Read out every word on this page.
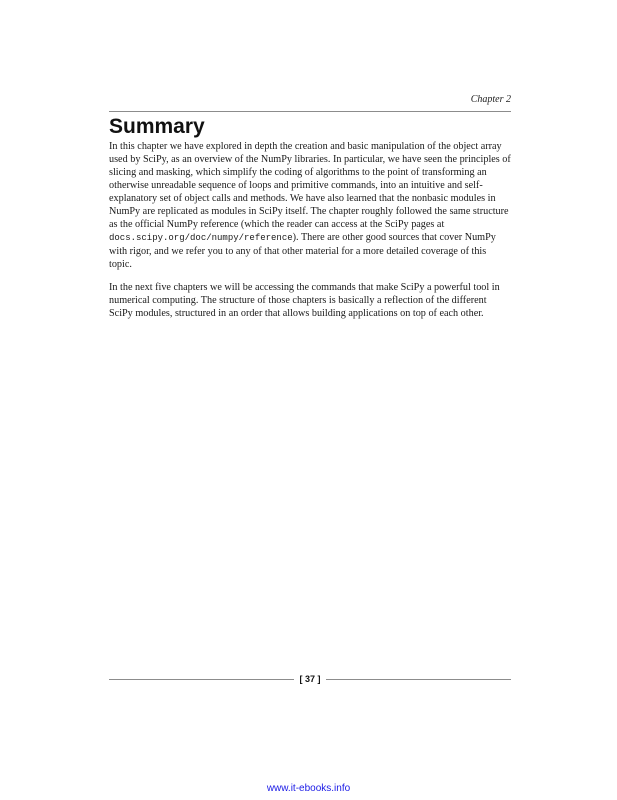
Chapter 2
Summary

In this chapter we have explored in depth the creation and basic manipulation of the object array used by SciPy, as an overview of the NumPy libraries. In particular, we have seen the principles of slicing and masking, which simplify the coding of algorithms to the point of transforming an otherwise unreadable sequence of loops and primitive commands, into an intuitive and self-explanatory set of object calls and methods. We have also learned that the nonbasic modules in NumPy are replicated as modules in SciPy itself. The chapter roughly followed the same structure as the official NumPy reference (which the reader can access at the SciPy pages at docs.scipy.org/doc/numpy/reference). There are other good sources that cover NumPy with rigor, and we refer you to any of that other material for a more detailed coverage of this topic.

In the next five chapters we will be accessing the commands that make SciPy a powerful tool in numerical computing. The structure of those chapters is basically a reflection of the different SciPy modules, structured in an order that allows building applications on top of each other.

[ 37 ]
www.it-ebooks.info
